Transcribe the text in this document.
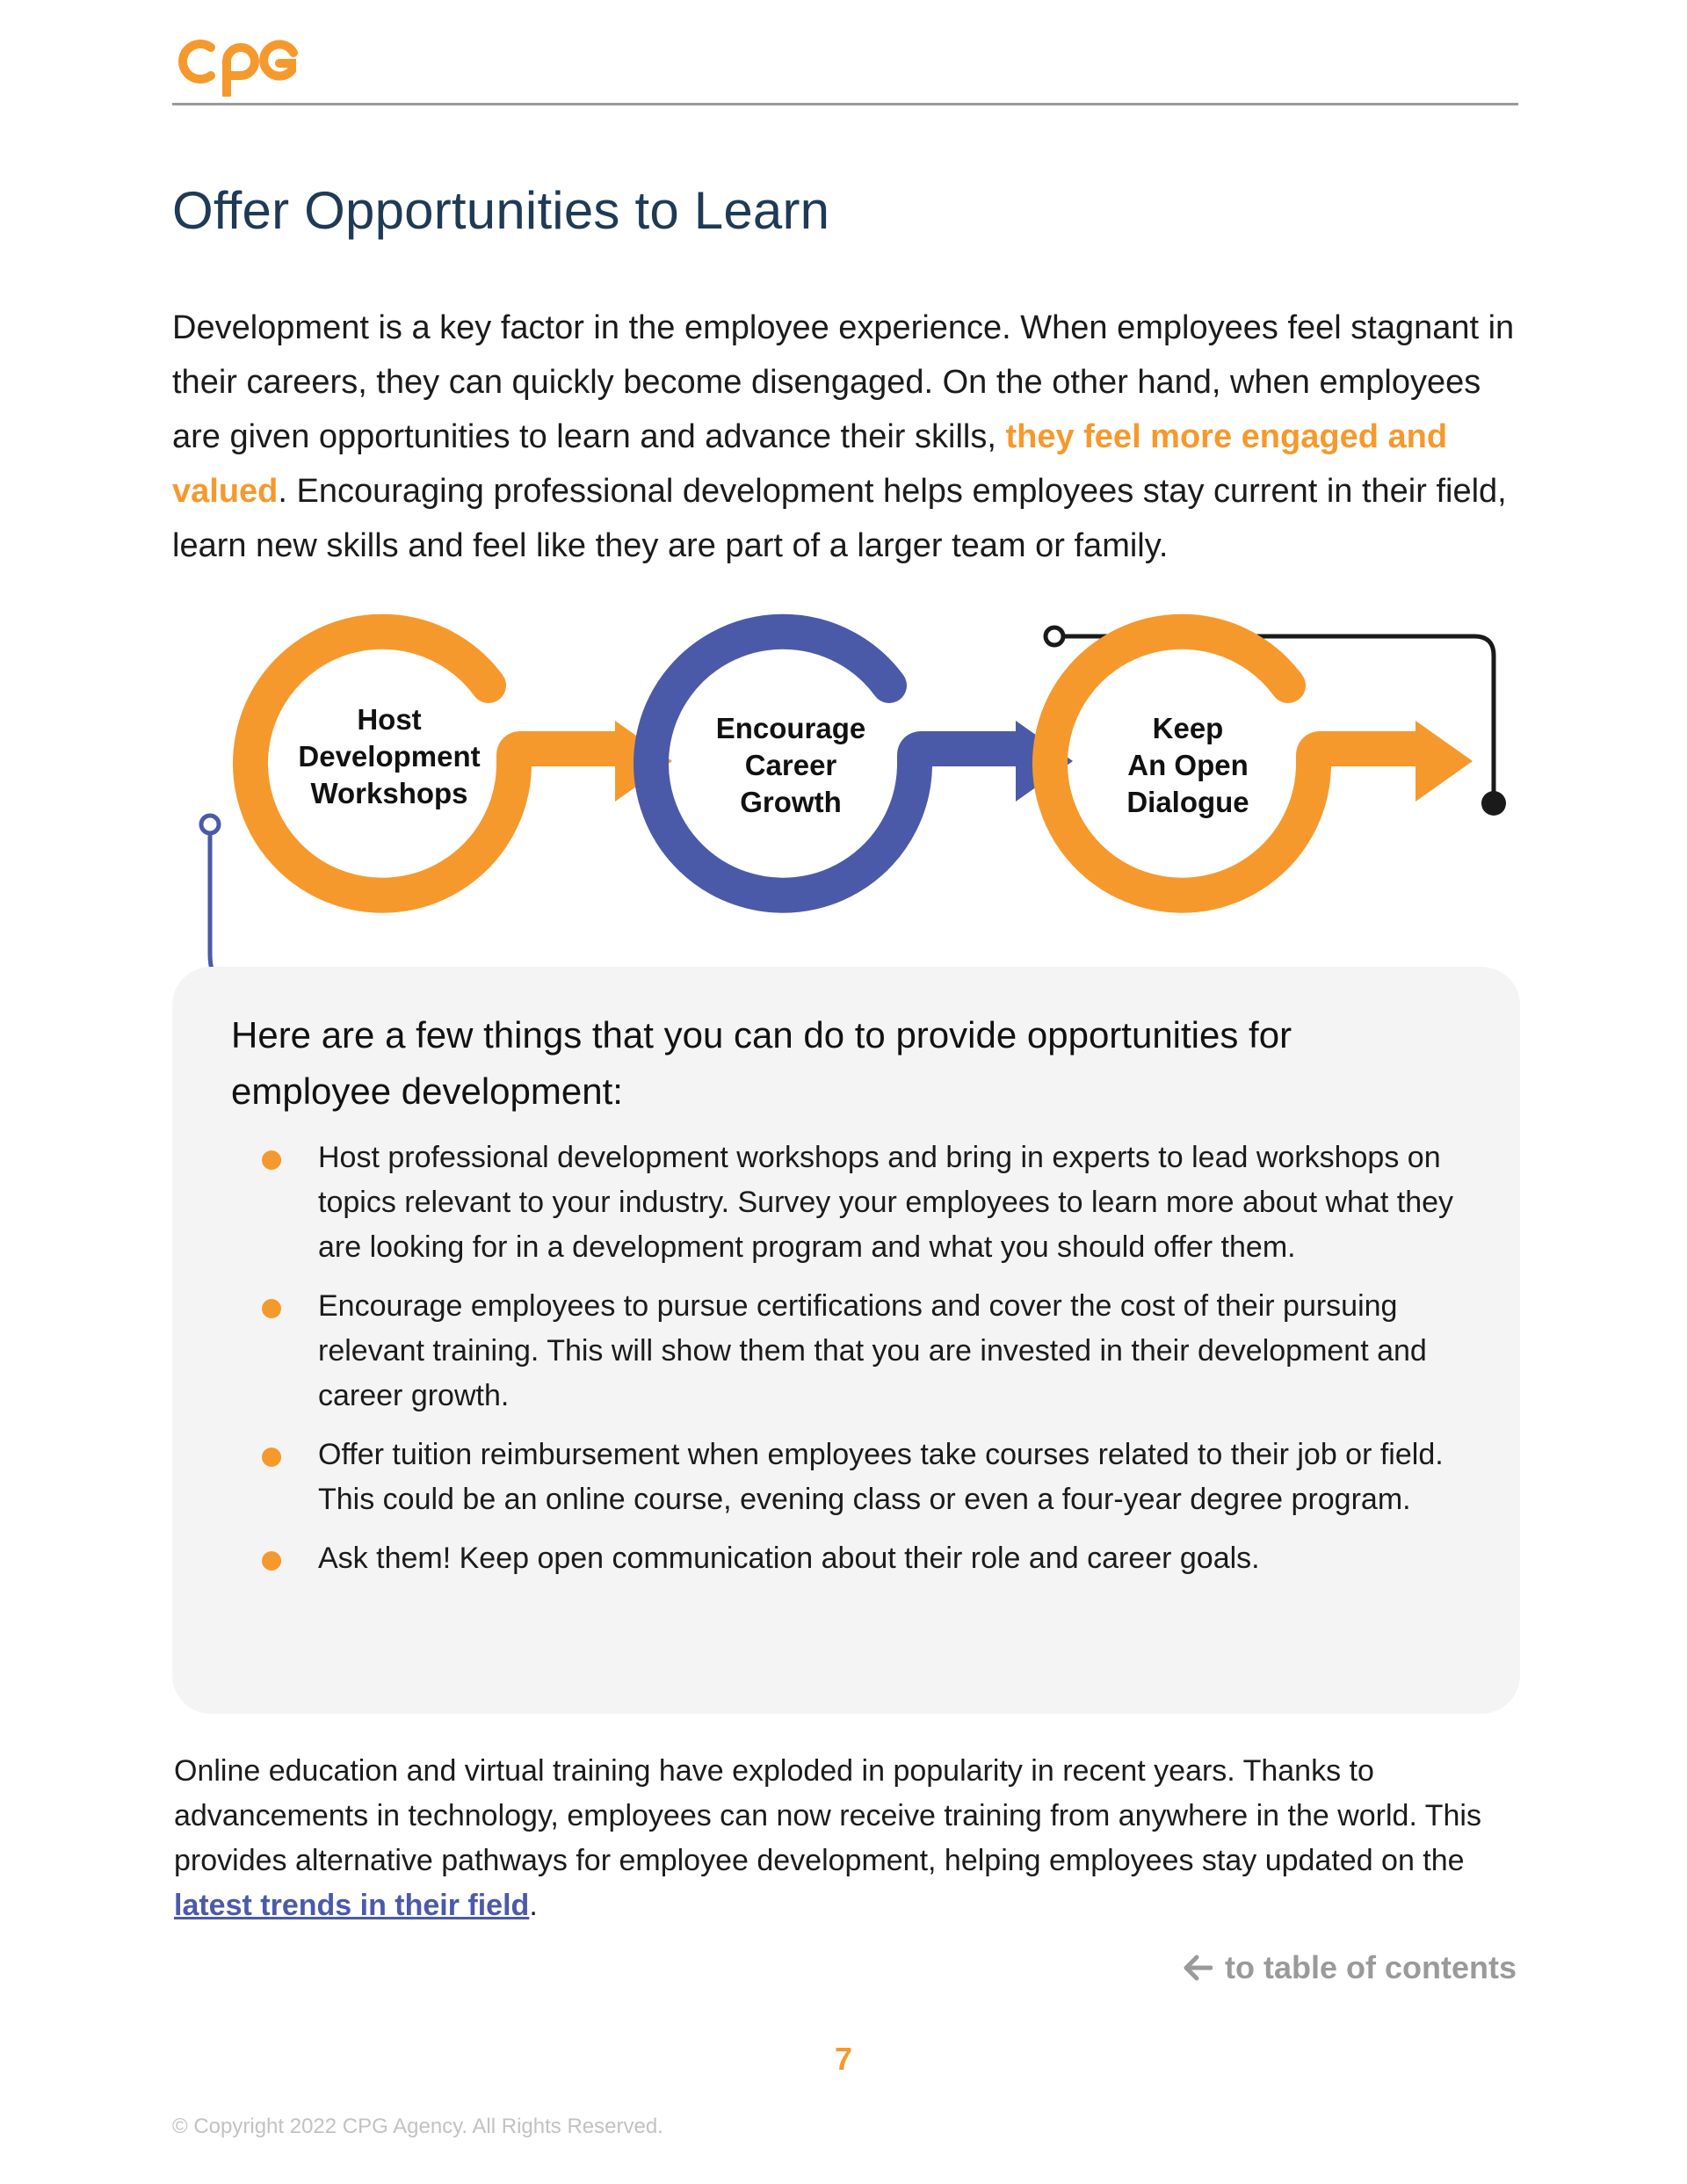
CPG
Offer Opportunities to Learn

Development is a key factor in the employee experience. When employees feel stagnant in their careers, they can quickly become disengaged. On the other hand, when employees are given opportunities to learn and advance their skills, they feel more engaged and valued. Encouraging professional development helps employees stay current in their field, learn new skills and feel like they are part of a larger team or family.

Host
Development
Workshops
Encourage
Career
Growth
Keep
An Open
Dialogue
Here are a few things that you can do to provide opportunities for employee development:
Host professional development workshops and bring in experts to lead workshops on topics relevant to your industry. Survey your employees to learn more about what they are looking for in a development program and what you should offer them.
Encourage employees to pursue certifications and cover the cost of their pursuing relevant training. This will show them that you are invested in their development and career growth.
Offer tuition reimbursement when employees take courses related to their job or field. This could be an online course, evening class or even a four-year degree program.
Ask them! Keep open communication about their role and career goals.

Online education and virtual training have exploded in popularity in recent years. Thanks to advancements in technology, employees can now receive training from anywhere in the world. This provides alternative pathways for employee development, helping employees stay updated on the latest trends in their field.

to table of contents
7
© Copyright 2022 CPG Agency. All Rights Reserved.
